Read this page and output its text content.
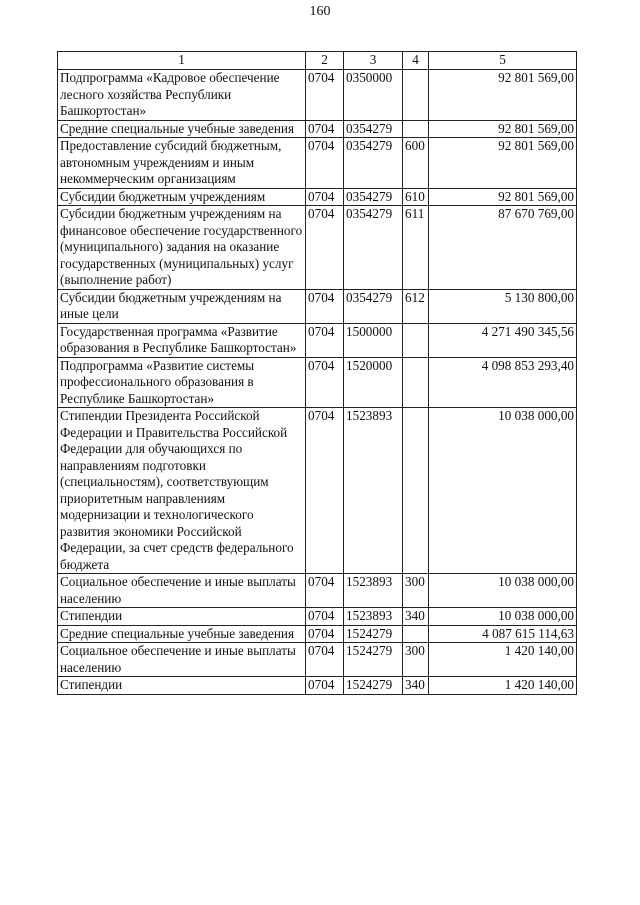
160
1	2	3	4	5
Подпрограмма «Кадровое обеспечение лесного хозяйства Республики Башкортостан»	0704	0350000		92 801 569,00
Средние специальные учебные заведения	0704	0354279		92 801 569,00
Предоставление субсидий бюджетным, автономным учреждениям и иным некоммерческим организациям	0704	0354279	600	92 801 569,00
Субсидии бюджетным учреждениям	0704	0354279	610	92 801 569,00
Субсидии бюджетным учреждениям на финансовое обеспечение государственного (муниципального) задания на оказание государственных (муниципальных) услуг (выполнение работ)	0704	0354279	611	87 670 769,00
Субсидии бюджетным учреждениям на иные цели	0704	0354279	612	5 130 800,00
Государственная программа «Развитие образования в Республике Башкортостан»	0704	1500000		4 271 490 345,56
Подпрограмма «Развитие системы профессионального образования в Республике Башкортостан»	0704	1520000		4 098 853 293,40
Стипендии Президента Российской Федерации и Правительства Российской Федерации для обучающихся по направлениям подготовки (специальностям), соответствующим приоритетным направлениям модернизации и технологического развития экономики Российской Федерации, за счет средств федерального бюджета	0704	1523893		10 038 000,00
Социальное обеспечение и иные выплаты населению	0704	1523893	300	10 038 000,00
Стипендии	0704	1523893	340	10 038 000,00
Средние специальные учебные заведения	0704	1524279		4 087 615 114,63
Социальное обеспечение и иные выплаты населению	0704	1524279	300	1 420 140,00
Стипендии	0704	1524279	340	1 420 140,00
